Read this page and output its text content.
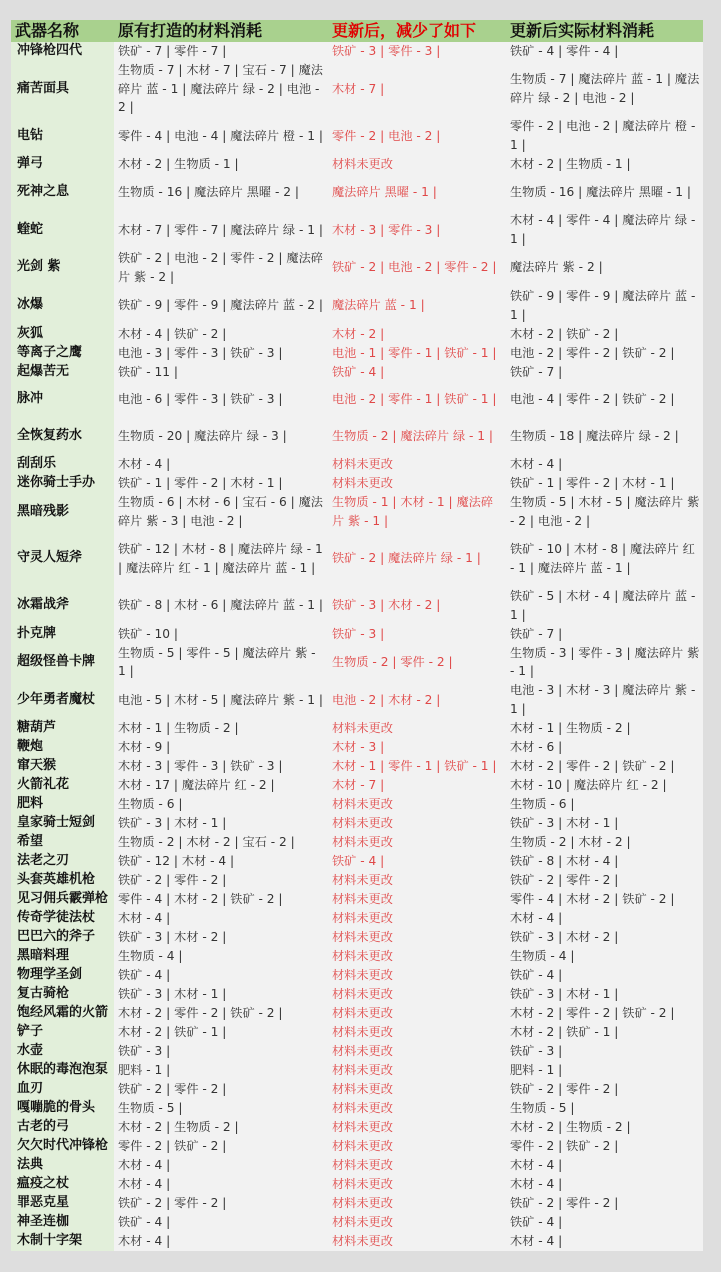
武器名称	原有打造的材料消耗	更新后，减少了如下	更新后实际材料消耗
冲锋枪四代	铁矿 - 7 | 零件 - 7 |	铁矿 - 3 | 零件 - 3 |	铁矿 - 4 | 零件 - 4 |
痛苦面具	生物质 - 7 | 木材 - 7 | 宝石 - 7 | 魔法碎片 蓝 - 1 | 魔法碎片 绿 - 2 | 电池 - 2 |	木材 - 7 |	生物质 - 7 | 魔法碎片 蓝 - 1 | 魔法碎片 绿 - 2 | 电池 - 2 |
电钻	零件 - 4 | 电池 - 4 | 魔法碎片 橙 - 1 |	零件 - 2 | 电池 - 2 |	零件 - 2 | 电池 - 2 | 魔法碎片 橙 - 1 |
弹弓	木材 - 2 | 生物质 - 1 |	材料未更改	木材 - 2 | 生物质 - 1 |
死神之息	生物质 - 16 | 魔法碎片 黑曜 - 2 |	魔法碎片 黑曜 - 1 |	生物质 - 16 | 魔法碎片 黑曜 - 1 |
蝰蛇	木材 - 7 | 零件 - 7 | 魔法碎片 绿 - 1 |	木材 - 3 | 零件 - 3 |	木材 - 4 | 零件 - 4 | 魔法碎片 绿 - 1 |
光剑 紫	铁矿 - 2 | 电池 - 2 | 零件 - 2 | 魔法碎片 紫 - 2 |	铁矿 - 2 | 电池 - 2 | 零件 - 2 |	魔法碎片 紫 - 2 |
冰爆	铁矿 - 9 | 零件 - 9 | 魔法碎片 蓝 - 2 |	魔法碎片 蓝 - 1 |	铁矿 - 9 | 零件 - 9 | 魔法碎片 蓝 - 1 |
灰狐	木材 - 4 | 铁矿 - 2 |	木材 - 2 |	木材 - 2 | 铁矿 - 2 |
等离子之鹰	电池 - 3 | 零件 - 3 | 铁矿 - 3 |	电池 - 1 | 零件 - 1 | 铁矿 - 1 |	电池 - 2 | 零件 - 2 | 铁矿 - 2 |
起爆苦无	铁矿 - 11 |	铁矿 - 4 |	铁矿 - 7 |
脉冲	电池 - 6 | 零件 - 3 | 铁矿 - 3 |	电池 - 2 | 零件 - 1 | 铁矿 - 1 |	电池 - 4 | 零件 - 2 | 铁矿 - 2 |
全恢复药水	生物质 - 20 | 魔法碎片 绿 - 3 |	生物质 - 2 | 魔法碎片 绿 - 1 |	生物质 - 18 | 魔法碎片 绿 - 2 |
刮刮乐	木材 - 4 |	材料未更改	木材 - 4 |
迷你骑士手办	铁矿 - 1 | 零件 - 2 | 木材 - 1 |	材料未更改	铁矿 - 1 | 零件 - 2 | 木材 - 1 |
黑暗残影	生物质 - 6 | 木材 - 6 | 宝石 - 6 | 魔法碎片 紫 - 3 | 电池 - 2 |	生物质 - 1 | 木材 - 1 | 魔法碎片 紫 - 1 |	生物质 - 5 | 木材 - 5 | 魔法碎片 紫 - 2 | 电池 - 2 |
守灵人短斧	铁矿 - 12 | 木材 - 8 | 魔法碎片 绿 - 1 | 魔法碎片 红 - 1 | 魔法碎片 蓝 - 1 |	铁矿 - 2 | 魔法碎片 绿 - 1 |	铁矿 - 10 | 木材 - 8 | 魔法碎片 红 - 1 | 魔法碎片 蓝 - 1 |
冰霜战斧	铁矿 - 8 | 木材 - 6 | 魔法碎片 蓝 - 1 |	铁矿 - 3 | 木材 - 2 |	铁矿 - 5 | 木材 - 4 | 魔法碎片 蓝 - 1 |
扑克牌	铁矿 - 10 |	铁矿 - 3 |	铁矿 - 7 |
超级怪兽卡牌	生物质 - 5 | 零件 - 5 | 魔法碎片 紫 - 1 |	生物质 - 2 | 零件 - 2 |	生物质 - 3 | 零件 - 3 | 魔法碎片 紫 - 1 |
少年勇者魔杖	电池 - 5 | 木材 - 5 | 魔法碎片 紫 - 1 |	电池 - 2 | 木材 - 2 |	电池 - 3 | 木材 - 3 | 魔法碎片 紫 - 1 |
糖葫芦	木材 - 1 | 生物质 - 2 |	材料未更改	木材 - 1 | 生物质 - 2 |
鞭炮	木材 - 9 |	木材 - 3 |	木材 - 6 |
窜天猴	木材 - 3 | 零件 - 3 | 铁矿 - 3 |	木材 - 1 | 零件 - 1 | 铁矿 - 1 |	木材 - 2 | 零件 - 2 | 铁矿 - 2 |
火箭礼花	木材 - 17 | 魔法碎片 红 - 2 |	木材 - 7 |	木材 - 10 | 魔法碎片 红 - 2 |
肥料	生物质 - 6 |	材料未更改	生物质 - 6 |
皇家骑士短剑	铁矿 - 3 | 木材 - 1 |	材料未更改	铁矿 - 3 | 木材 - 1 |
希望	生物质 - 2 | 木材 - 2 | 宝石 - 2 |	材料未更改	生物质 - 2 | 木材 - 2 |
法老之刃	铁矿 - 12 | 木材 - 4 |	铁矿 - 4 |	铁矿 - 8 | 木材 - 4 |
头套英雄机枪	铁矿 - 2 | 零件 - 2 |	材料未更改	铁矿 - 2 | 零件 - 2 |
见习佣兵霰弹枪	零件 - 4 | 木材 - 2 | 铁矿 - 2 |	材料未更改	零件 - 4 | 木材 - 2 | 铁矿 - 2 |
传奇学徒法杖	木材 - 4 |	材料未更改	木材 - 4 |
巴巴六的斧子	铁矿 - 3 | 木材 - 2 |	材料未更改	铁矿 - 3 | 木材 - 2 |
黑暗料理	生物质 - 4 |	材料未更改	生物质 - 4 |
物理学圣剑	铁矿 - 4 |	材料未更改	铁矿 - 4 |
复古骑枪	铁矿 - 3 | 木材 - 1 |	材料未更改	铁矿 - 3 | 木材 - 1 |
饱经风霜的火箭	木材 - 2 | 零件 - 2 | 铁矿 - 2 |	材料未更改	木材 - 2 | 零件 - 2 | 铁矿 - 2 |
铲子	木材 - 2 | 铁矿 - 1 |	材料未更改	木材 - 2 | 铁矿 - 1 |
水壶	铁矿 - 3 |	材料未更改	铁矿 - 3 |
休眠的毒泡泡泵	肥料 - 1 |	材料未更改	肥料 - 1 |
血刃	铁矿 - 2 | 零件 - 2 |	材料未更改	铁矿 - 2 | 零件 - 2 |
嘎嘣脆的骨头	生物质 - 5 |	材料未更改	生物质 - 5 |
古老的弓	木材 - 2 | 生物质 - 2 |	材料未更改	木材 - 2 | 生物质 - 2 |
欠欠时代冲锋枪	零件 - 2 | 铁矿 - 2 |	材料未更改	零件 - 2 | 铁矿 - 2 |
法典	木材 - 4 |	材料未更改	木材 - 4 |
瘟疫之杖	木材 - 4 |	材料未更改	木材 - 4 |
罪恶克星	铁矿 - 2 | 零件 - 2 |	材料未更改	铁矿 - 2 | 零件 - 2 |
神圣连枷	铁矿 - 4 |	材料未更改	铁矿 - 4 |
木制十字架	木材 - 4 |	材料未更改	木材 - 4 |
